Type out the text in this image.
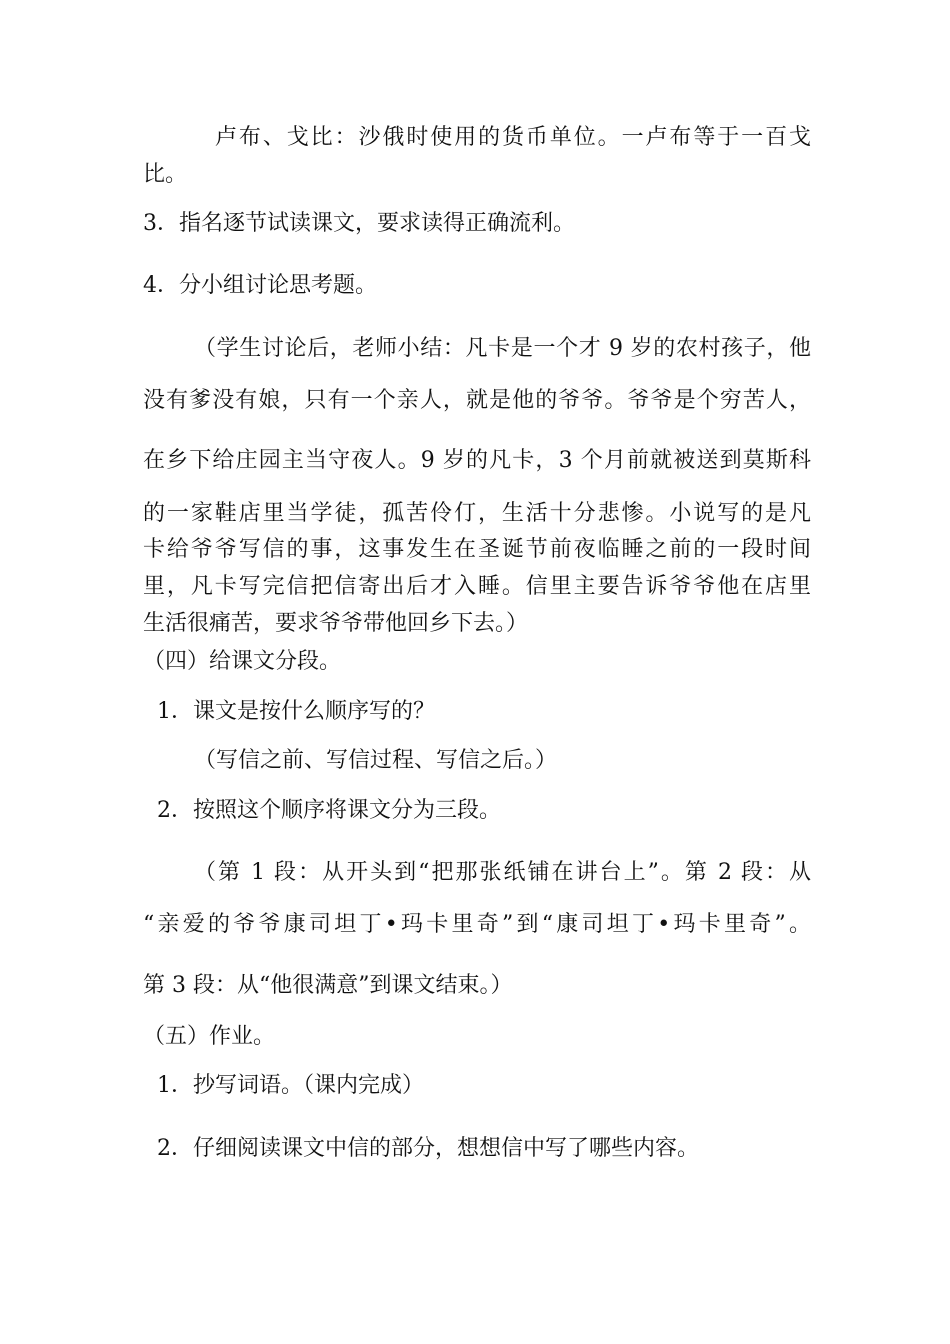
卢布、戈比：沙俄时使用的货币单位。一卢布等于一百戈

比。

3．指名逐节试读课文，要求读得正确流利。

4．分小组讨论思考题。

（学生讨论后，老师小结：凡卡是一个才 9 岁的农村孩子，他

没有爹没有娘，只有一个亲人，就是他的爷爷。爷爷是个穷苦人，

在乡下给庄园主当守夜人。9 岁的凡卡，3 个月前就被送到莫斯科

的一家鞋店里当学徒，孤苦伶仃，生活十分悲惨。小说写的是凡

卡给爷爷写信的事，这事发生在圣诞节前夜临睡之前的一段时间

里，凡卡写完信把信寄出后才入睡。信里主要告诉爷爷他在店里

生活很痛苦，要求爷爷带他回乡下去。）

（四）给课文分段。

1．课文是按什么顺序写的？

（写信之前、写信过程、写信之后。）

2．按照这个顺序将课文分为三段。

（第 1 段：从开头到“把那张纸铺在讲台上”。第 2 段：从

“亲爱的爷爷康司坦丁•玛卡里奇”到“康司坦丁•玛卡里奇”。

第 3 段：从“他很满意”到课文结束。）

（五）作业。

1．抄写词语。（课内完成）

2．仔细阅读课文中信的部分，想想信中写了哪些内容。
